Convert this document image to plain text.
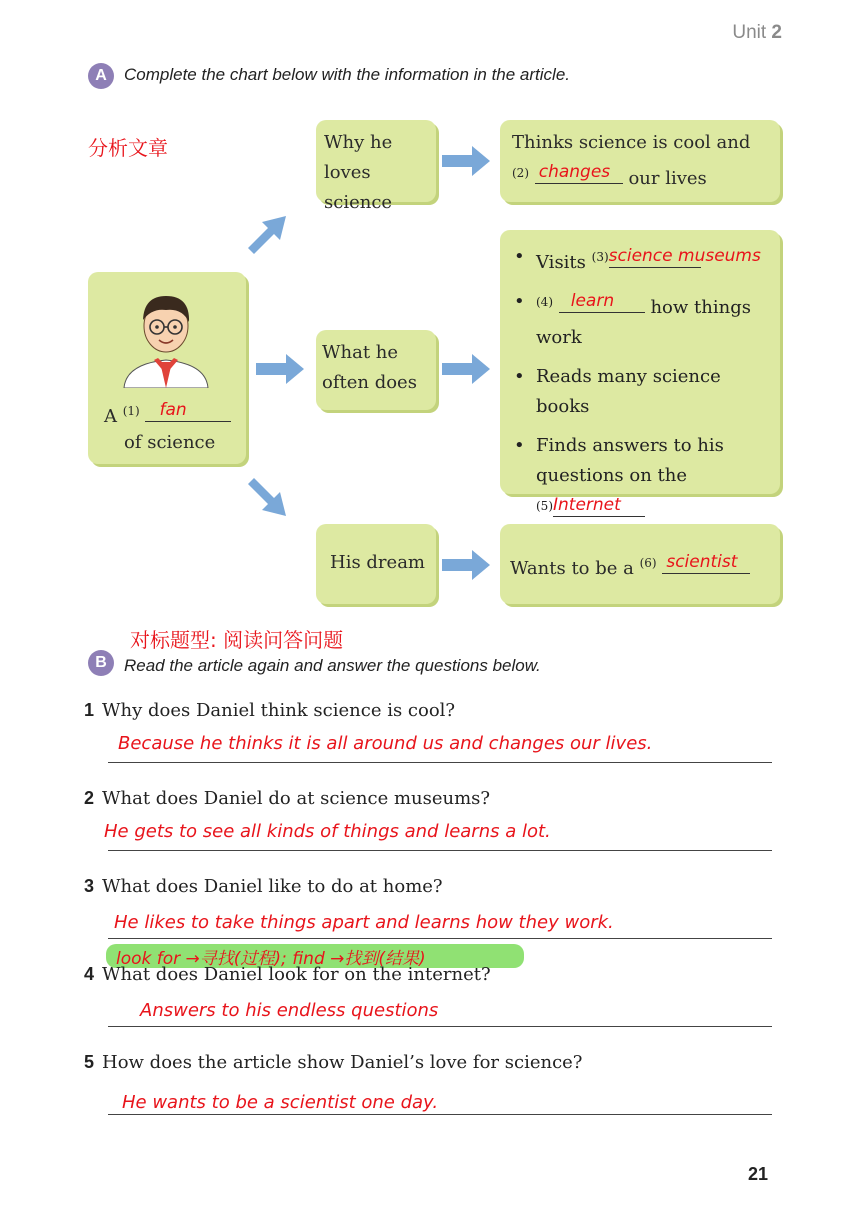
Unit 2
A	Complete the chart below with the information in the article.
分析文章
A $^{(1)}$ fan
of science
Why he
loves science
Thinks science is cool and
$^{(2)}$ changes our lives
What he
often does
• Visits $^{(3)}$ science museums
• $^{(4)}$ learn how things
work
• Reads many science books
• Finds answers to his
questions on the
$^{(5)}$ Internet
His dream	Wants to be a $^{(6)}$ scientist
对标题型: 阅读问答问题
B	Read the article again and answer the questions below.
1 Why does Daniel think science is cool?
Because he thinks it is all around us and changes our lives.
2 What does Daniel do at science museums?
He gets to see all kinds of things and learns a lot.
3 What does Daniel like to do at home?
He likes to take things apart and learns how they work.
look for →寻找(过程); find →找到(结果)
4 What does Daniel look for on the internet?
Answers to his endless questions
5 How does the article show Daniel’s love for science?
He wants to be a scientist one day.
21
